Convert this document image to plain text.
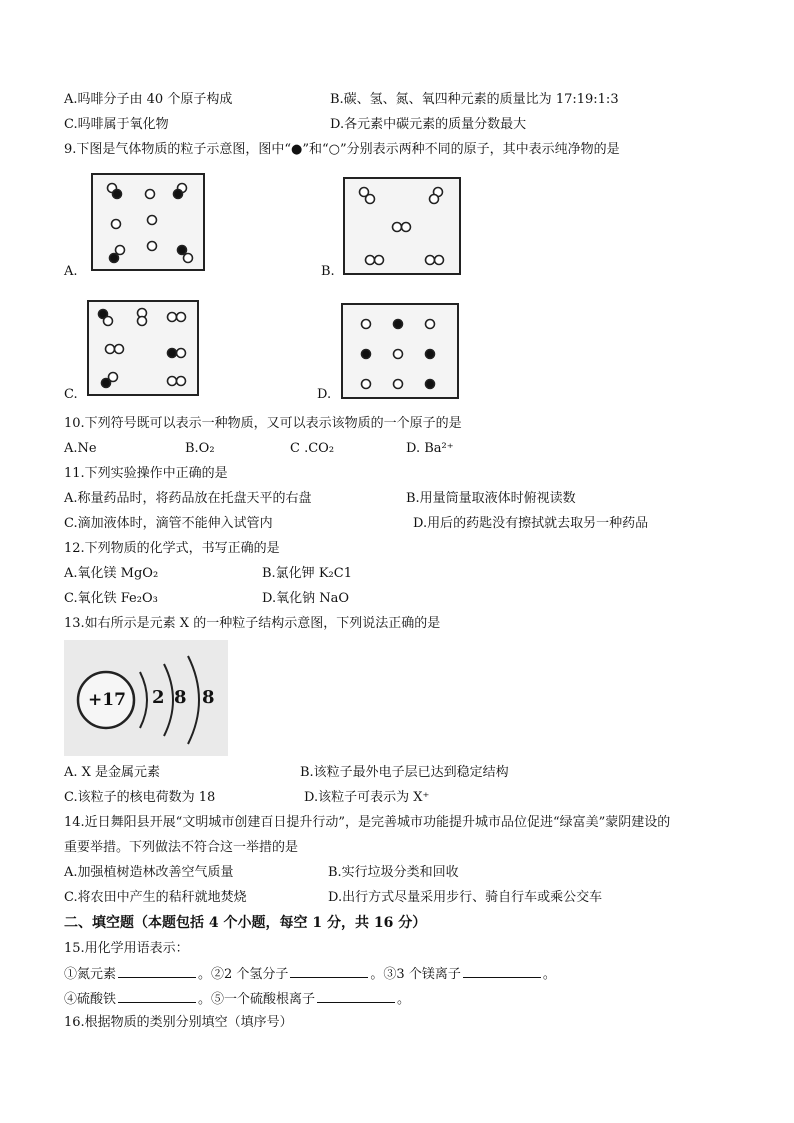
A.吗啡分子由 40 个原子构成	B.碳、氢、氮、氧四种元素的质量比为 17:19:1:3
C.吗啡属于氧化物	D.各元素中碳元素的质量分数最大
9.下图是气体物质的粒子示意图，图中“●”和“○”分别表示两种不同的原子，其中表示纯净物的是
A.	B.
C.	D.
10.下列符号既可以表示一种物质，又可以表示该物质的一个原子的是
A.Ne	B.O₂	C .CO₂	D. Ba²⁺
11.下列实验操作中正确的是
A.称量药品时，将药品放在托盘天平的右盘	B.用量筒量取液体时俯视读数
C.滴加液体时，滴管不能伸入试管内	D.用后的药匙没有擦拭就去取另一种药品
12.下列物质的化学式，书写正确的是
A.氧化镁 MgO₂	B.氯化钾 K₂C1
C.氧化铁 Fe₂O₃	D.氧化钠 NaO
13.如右所示是元素 X 的一种粒子结构示意图，下列说法正确的是
+17 2 8 8
A. X 是金属元素	B.该粒子最外电子层已达到稳定结构
C.该粒子的核电荷数为 18	D.该粒子可表示为 X⁺
14.近日舞阳县开展“文明城市创建百日提升行动”，是完善城市功能提升城市品位促进“绿富美”蒙阴建设的
重要举措。下列做法不符合这一举措的是
A.加强植树造林改善空气质量	B.实行垃圾分类和回收
C.将农田中产生的秸秆就地焚烧	D.出行方式尽量采用步行、骑自行车或乘公交车
二、填空题（本题包括 4 个小题，每空 1 分，共 16 分）
15.用化学用语表示：
①氮元素	。②2 个氢分子	。③3 个镁离子	。
④硫酸铁	。⑤一个硫酸根离子	。
16.根据物质的类别分别填空（填序号）
